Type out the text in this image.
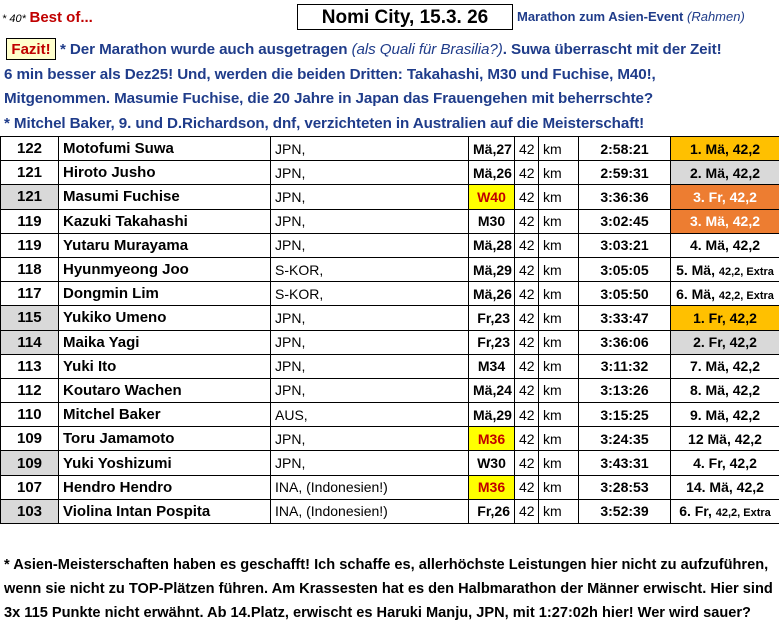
* 40* Best of...	Nomi City, 15.3. 26	Marathon zum Asien-Event (Rahmen)
* Der Marathon wurde auch ausgetragen (als Quali für Brasilia?). Suwa überrascht mit der Zeit!
6 min besser als Dez25! Und, werden die beiden Dritten: Takahashi, M30 und Fuchise, M40!,
Mitgenommen. Masumie Fuchise, die 20 Jahre in Japan das Frauengehen mit beherrschte?
* Mitchel Baker, 9. und D.Richardson, dnf, verzichteten in Australien auf die Meisterschaft!
Fazit!
122	Motofumi Suwa	JPN,	Mä,27	42	km	2:58:21	1. Mä, 42,2
121	Hiroto Jusho	JPN,	Mä,26	42	km	2:59:31	2. Mä, 42,2
121	Masumi Fuchise	JPN,	W40	42	km	3:36:36	3. Fr, 42,2
119	Kazuki Takahashi	JPN,	M30	42	km	3:02:45	3. Mä, 42,2
119	Yutaru Murayama	JPN,	Mä,28	42	km	3:03:21	4. Mä, 42,2
118	Hyunmyeong Joo	S-KOR,	Mä,29	42	km	3:05:05	5. Mä, 42,2, Extra
117	Dongmin Lim	S-KOR,	Mä,26	42	km	3:05:50	6. Mä, 42,2, Extra
115	Yukiko Umeno	JPN,	Fr,23	42	km	3:33:47	1. Fr, 42,2
114	Maika Yagi	JPN,	Fr,23	42	km	3:36:06	2. Fr, 42,2
113	Yuki Ito	JPN,	M34	42	km	3:11:32	7. Mä, 42,2
112	Koutaro Wachen	JPN,	Mä,24	42	km	3:13:26	8. Mä, 42,2
110	Mitchel Baker	AUS,	Mä,29	42	km	3:15:25	9. Mä, 42,2
109	Toru Jamamoto	JPN,	M36	42	km	3:24:35	12 Mä, 42,2
109	Yuki Yoshizumi	JPN,	W30	42	km	3:43:31	4. Fr, 42,2
107	Hendro Hendro	INA, (Indonesien!)	M36	42	km	3:28:53	14. Mä, 42,2
103	Violina Intan Pospita	INA, (Indonesien!)	Fr,26	42	km	3:52:39	6. Fr, 42,2, Extra
* Asien-Meisterschaften haben es geschafft! Ich schaffe es, allerhöchste Leistungen hier nicht zu aufzuführen,
wenn sie nicht zu TOP-Plätzen führen. Am Krassesten hat es den Halbmarathon der Männer erwischt. Hier sind
3x 115 Punkte nicht erwähnt. Ab 14.Platz, erwischt es Haruki Manju, JPN, mit 1:27:02h hier! Wer wird sauer?
